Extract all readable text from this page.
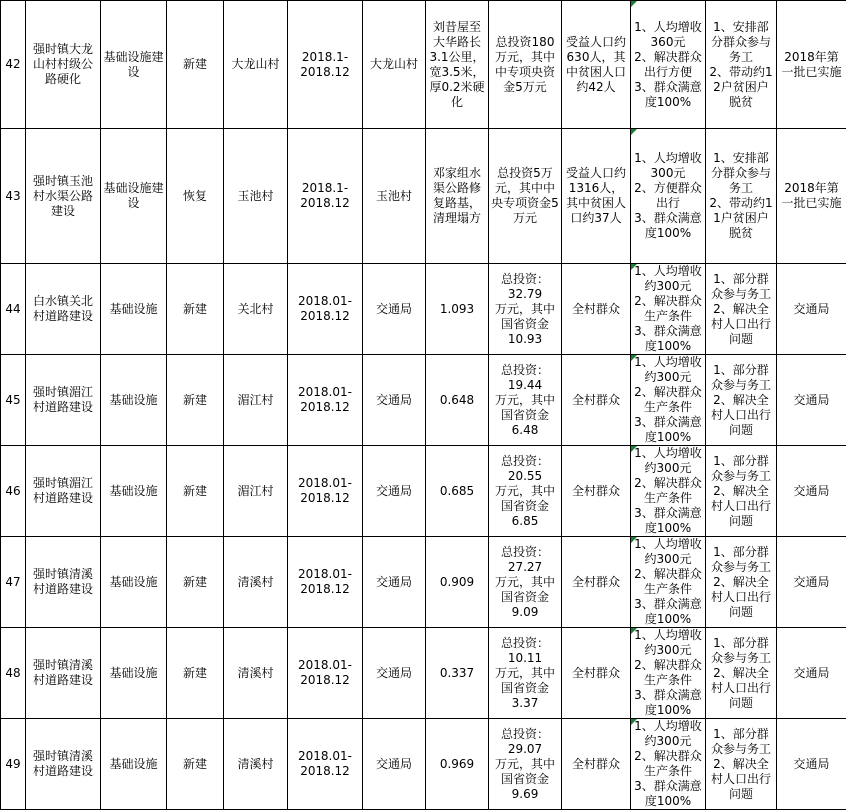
42	强时镇大龙山村村级公路硬化	基础设施建设	新建	大龙山村	2018.1-
2018.12	大龙山村	刘昔屋至大华路长3.1公里，宽3.5米，厚0.2米硬化	总投资180万元，其中中专项央资金5万元	受益人口约630人，其中贫困人口约42人	1、人均增收360元
2、解决群众出行方便
3、群众满意度100%	1、安排部分群众参与务工
2、带动约12户贫困户脱贫	2018年第一批已实施

43	强时镇玉池村水渠公路建设	基础设施建设	恢复	玉池村	2018.1-
2018.12	玉池村	邓家组水渠公路修复路基，清理塌方	总投资5万元，其中中央专项资金5万元	受益人口约1316人，其中贫困人口约37人	1、人均增收300元
2、方便群众出行
3、群众满意度100%	1、安排部分群众参与务工
2、带动约11户贫困户脱贫	2018年第一批已实施

44	白水镇关北村道路建设	基础设施	新建	关北村	2018.01-
2018.12	交通局	1.093	总投资：
32.79
万元，其中
国省资金
10.93	全村群众	1、人均增收约300元
2、解决群众生产条件
3、群众满意度100%	1、部分群众参与务工
2、解决全村人口出行问题	交通局

45	强时镇湄江村道路建设	基础设施	新建	湄江村	2018.01-
2018.12	交通局	0.648	总投资：
19.44
万元，其中
国省资金
6.48	全村群众	1、人均增收约300元
2、解决群众生产条件
3、群众满意度100%	1、部分群众参与务工
2、解决全村人口出行问题	交通局

46	强时镇湄江村道路建设	基础设施	新建	湄江村	2018.01-
2018.12	交通局	0.685	总投资：
20.55
万元，其中
国省资金
6.85	全村群众	1、人均增收约300元
2、解决群众生产条件
3、群众满意度100%	1、部分群众参与务工
2、解决全村人口出行问题	交通局

47	强时镇清溪村道路建设	基础设施	新建	清溪村	2018.01-
2018.12	交通局	0.909	总投资：
27.27
万元，其中
国省资金
9.09	全村群众	1、人均增收约300元
2、解决群众生产条件
3、群众满意度100%	1、部分群众参与务工
2、解决全村人口出行问题	交通局

48	强时镇清溪村道路建设	基础设施	新建	清溪村	2018.01-
2018.12	交通局	0.337	总投资：
10.11
万元，其中
国省资金
3.37	全村群众	1、人均增收约300元
2、解决群众生产条件
3、群众满意度100%	1、部分群众参与务工
2、解决全村人口出行问题	交通局

49	强时镇清溪村道路建设	基础设施	新建	清溪村	2018.01-
2018.12	交通局	0.969	总投资：
29.07
万元，其中
国省资金
9.69	全村群众	1、人均增收约300元
2、解决群众生产条件
3、群众满意度100%	1、部分群众参与务工
2、解决全村人口出行问题	交通局
